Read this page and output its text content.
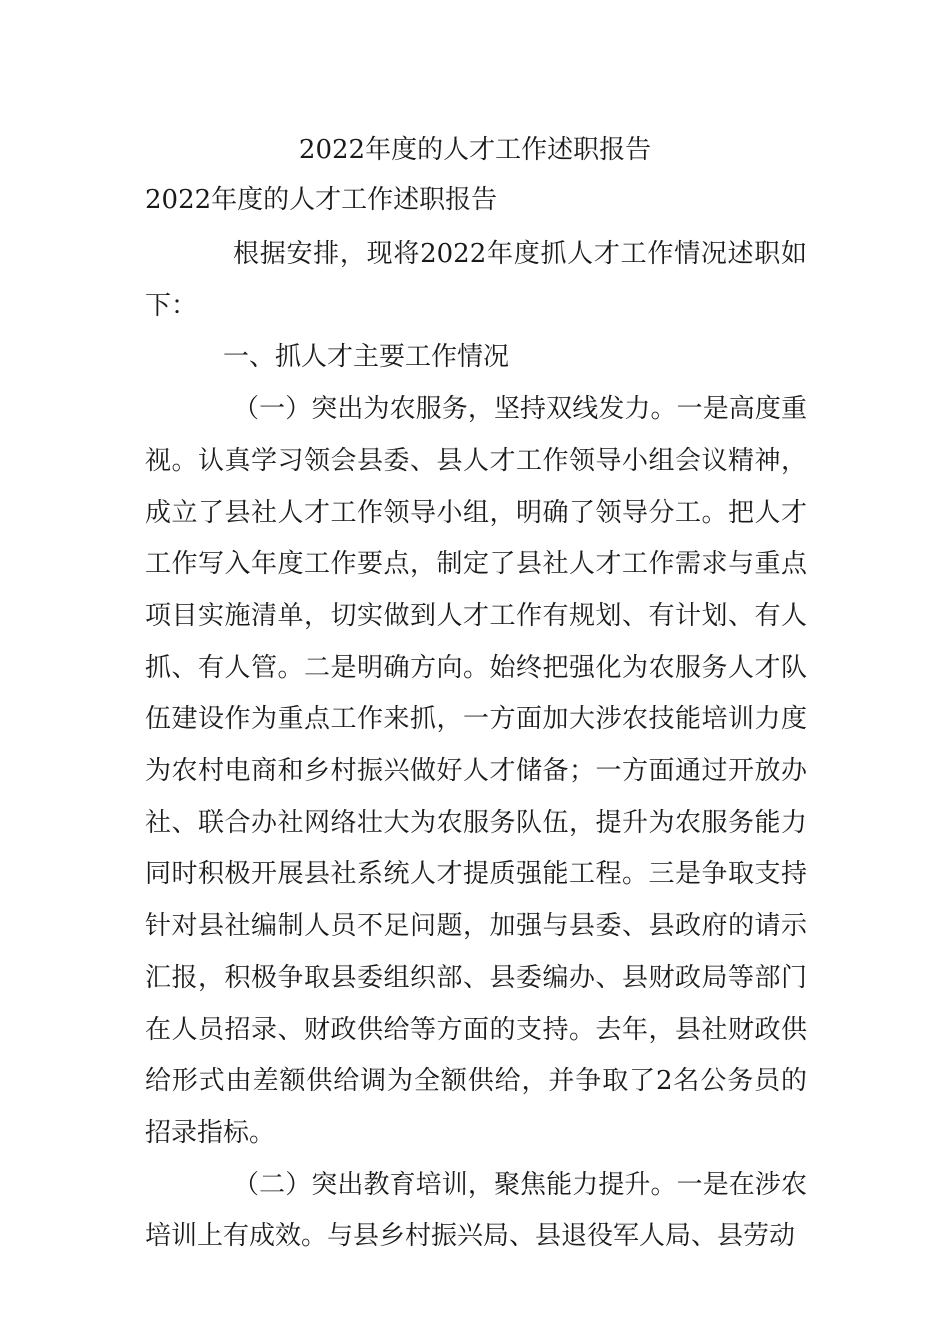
2022年度的人才工作述职报告
2022年度的人才工作述职报告

根据安排，现将2022年度抓人才工作情况述职如下：

一、抓人才主要工作情况

（一）突出为农服务，坚持双线发力。一是高度重视。认真学习领会县委、县人才工作领导小组会议精神，成立了县社人才工作领导小组，明确了领导分工。把人才工作写入年度工作要点，制定了县社人才工作需求与重点项目实施清单，切实做到人才工作有规划、有计划、有人抓、有人管。二是明确方向。始终把强化为农服务人才队伍建设作为重点工作来抓，一方面加大涉农技能培训力度为农村电商和乡村振兴做好人才储备；一方面通过开放办社、联合办社网络壮大为农服务队伍，提升为农服务能力同时积极开展县社系统人才提质强能工程。三是争取支持针对县社编制人员不足问题，加强与县委、县政府的请示汇报，积极争取县委组织部、县委编办、县财政局等部门在人员招录、财政供给等方面的支持。去年，县社财政供给形式由差额供给调为全额供给，并争取了2名公务员的招录指标。

（二）突出教育培训，聚焦能力提升。一是在涉农培训上有成效。与县乡村振兴局、县退役军人局、县劳动
